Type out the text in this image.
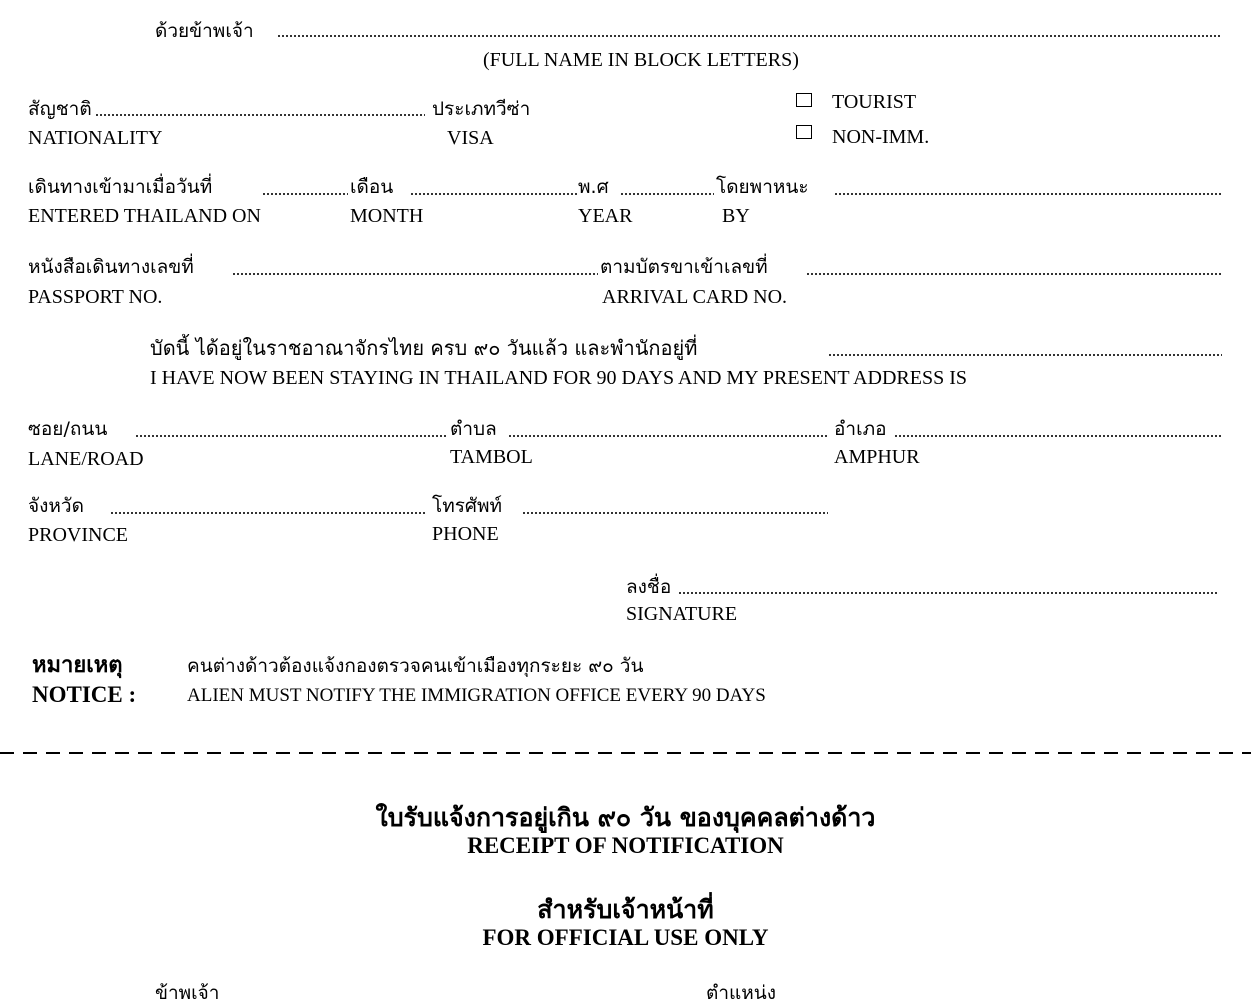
ด้วยข้าพเจ้า
(FULL NAME IN BLOCK LETTERS)
สัญชาติ
NATIONALITY
ประเภทวีซ่า
VISA
TOURIST
NON-IMM.
เดินทางเข้ามาเมื่อวันที่	เดือน	พ.ศ	โดยพาหนะ
ENTERED THAILAND ON	MONTH	YEAR	BY
หนังสือเดินทางเลขที่	ตามบัตรขาเข้าเลขที่
PASSPORT NO.	ARRIVAL CARD NO.
บัดนี้ ได้อยู่ในราชอาณาจักรไทย ครบ ๙๐ วันแล้ว และพำนักอยู่ที่
I HAVE NOW BEEN STAYING IN THAILAND FOR 90 DAYS AND MY PRESENT ADDRESS IS
ซอย/ถนน	ตำบล	อำเภอ
LANE/ROAD	TAMBOL	AMPHUR
จังหวัด	โทรศัพท์
PROVINCE	PHONE
ลงชื่อ
SIGNATURE
หมายเหตุ	คนต่างด้าวต้องแจ้งกองตรวจคนเข้าเมืองทุกระยะ ๙๐ วัน
NOTICE :	ALIEN MUST NOTIFY THE IMMIGRATION OFFICE EVERY 90 DAYS
ใบรับแจ้งการอยู่เกิน ๙๐ วัน ของบุคคลต่างด้าว
RECEIPT OF NOTIFICATION
สำหรับเจ้าหน้าที่
FOR OFFICIAL USE ONLY
ข้าพเจ้า	ตำแหน่ง
